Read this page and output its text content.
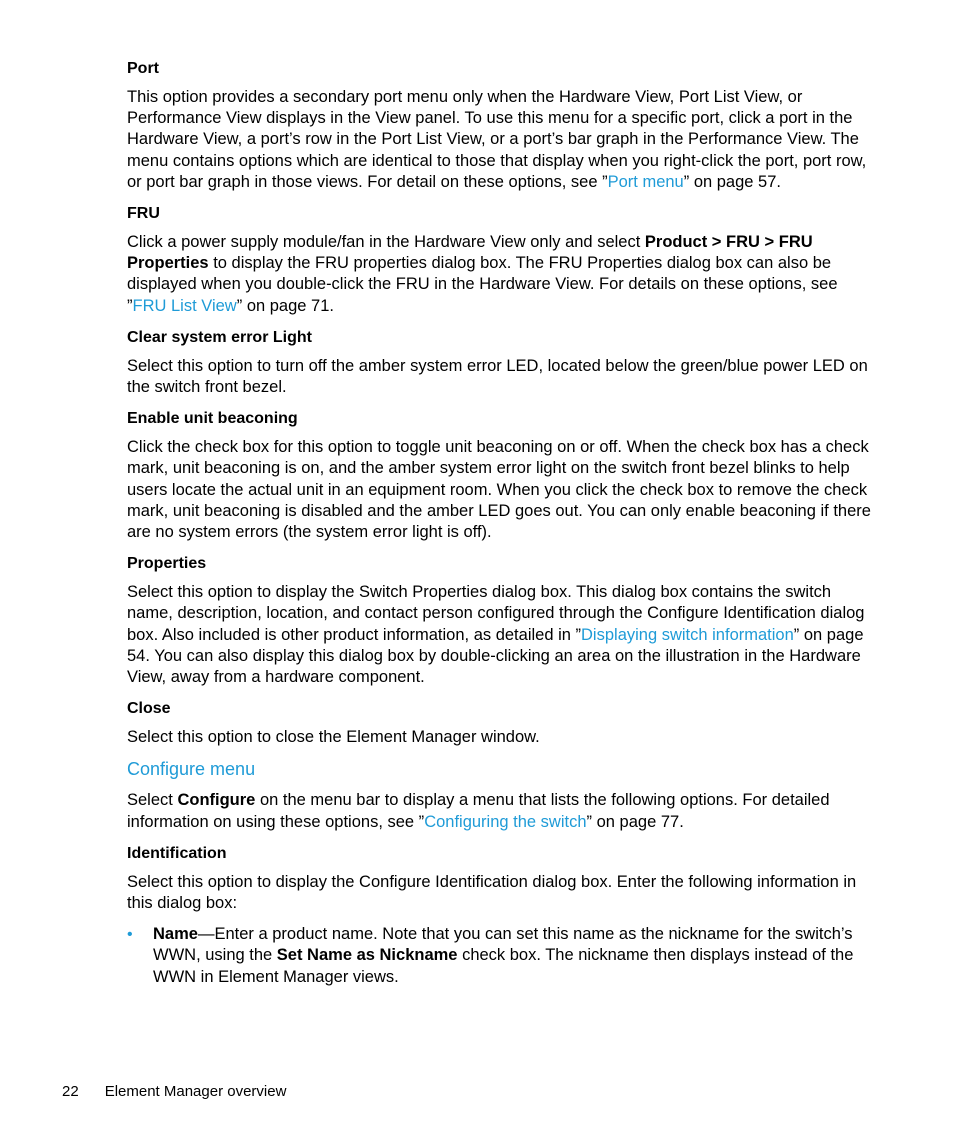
Port
This option provides a secondary port menu only when the Hardware View, Port List View, or Performance View displays in the View panel. To use this menu for a specific port, click a port in the Hardware View, a port’s row in the Port List View, or a port’s bar graph in the Performance View. The menu contains options which are identical to those that display when you right-click the port, port row, or port bar graph in those views. For detail on these options, see ”Port menu” on page 57.
FRU
Click a power supply module/fan in the Hardware View only and select Product > FRU > FRU Properties to display the FRU properties dialog box. The FRU Properties dialog box can also be displayed when you double-click the FRU in the Hardware View. For details on these options, see ”FRU List View” on page 71.
Clear system error Light
Select this option to turn off the amber system error LED, located below the green/blue power LED on the switch front bezel.
Enable unit beaconing
Click the check box for this option to toggle unit beaconing on or off. When the check box has a check mark, unit beaconing is on, and the amber system error light on the switch front bezel blinks to help users locate the actual unit in an equipment room. When you click the check box to remove the check mark, unit beaconing is disabled and the amber LED goes out. You can only enable beaconing if there are no system errors (the system error light is off).
Properties
Select this option to display the Switch Properties dialog box. This dialog box contains the switch name, description, location, and contact person configured through the Configure Identification dialog box. Also included is other product information, as detailed in ”Displaying switch information” on page 54. You can also display this dialog box by double-clicking an area on the illustration in the Hardware View, away from a hardware component.
Close
Select this option to close the Element Manager window.
Configure menu
Select Configure on the menu bar to display a menu that lists the following options. For detailed information on using these options, see ”Configuring the switch” on page 77.
Identification
Select this option to display the Configure Identification dialog box. Enter the following information in this dialog box:
•	Name—Enter a product name. Note that you can set this name as the nickname for the switch’s WWN, using the Set Name as Nickname check box. The nickname then displays instead of the WWN in Element Manager views.
22 Element Manager overview
